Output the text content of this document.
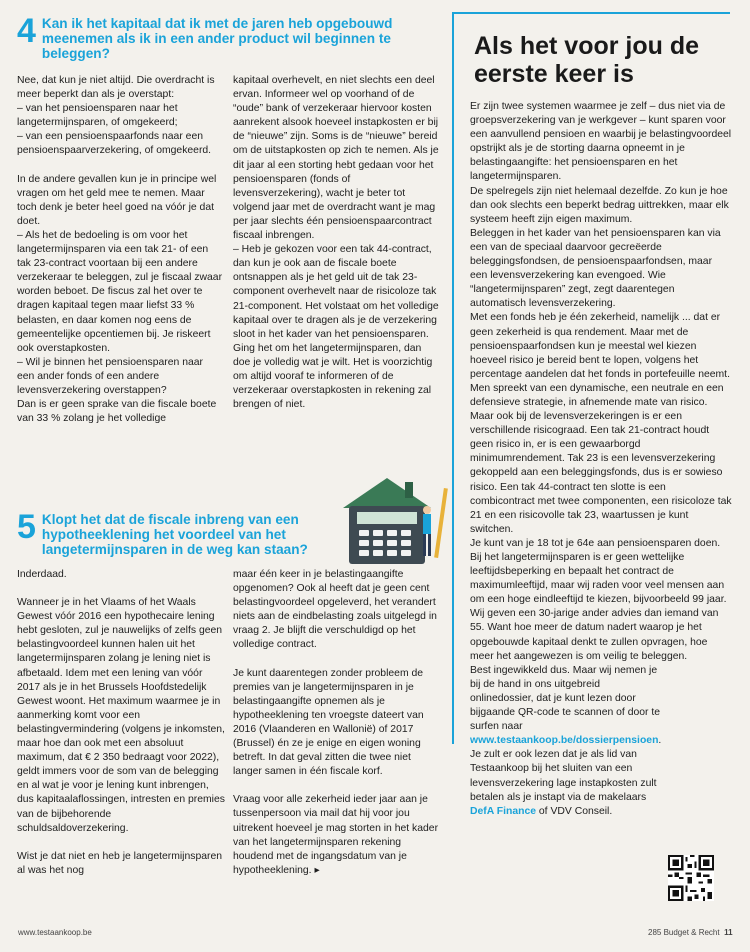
4 Kan ik het kapitaal dat ik met de jaren heb opgebouwd meenemen als ik in een ander product wil beginnen te beleggen?

Nee, dat kun je niet altijd. Die overdracht is meer beperkt dan als je overstapt:

– van het pensioensparen naar het langetermijnsparen, of omgekeerd;

– van een pensioenspaarfonds naar een pensioenspaarverzekering, of omgekeerd.

In de andere gevallen kun je in principe wel vragen om het geld mee te nemen. Maar toch denk je beter heel goed na vóór je dat doet.

– Als het de bedoeling is om voor het langetermijnsparen via een tak 21- of een tak 23-contract voortaan bij een andere verzekeraar te beleggen, zul je fiscaal zwaar worden beboet. De fiscus zal het over te dragen kapitaal tegen maar liefst 33 % belasten, en daar komen nog eens de gemeentelijke opcentiemen bij. Je riskeert ook overstapkosten.

– Wil je binnen het pensioensparen naar een ander fonds of een andere levensverzekering overstappen?

Dan is er geen sprake van die fiscale boete van 33 % zolang je het volledige

kapitaal overhevelt, en niet slechts een deel ervan. Informeer wel op voorhand of de “oude” bank of verzekeraar hiervoor kosten aanrekent alsook hoeveel instapkosten er bij de “nieuwe” zijn. Soms is de “nieuwe” bereid om de uitstapkosten op zich te nemen. Als je dit jaar al een storting hebt gedaan voor het pensioensparen (fonds of levensverzekering), wacht je beter tot volgend jaar met de overdracht want je mag per jaar slechts één pensioenspaarcontract fiscaal inbrengen.

– Heb je gekozen voor een tak 44-contract, dan kun je ook aan de fiscale boete ontsnappen als je het geld uit de tak 23-component overhevelt naar de risicoloze tak 21-component. Het volstaat om het volledige kapitaal over te dragen als je de verzekering sloot in het kader van het pensioensparen. Ging het om het langetermijnsparen, dan doe je volledig wat je wilt. Het is voorzichtig om altijd vooraf te informeren of de verzekeraar overstapkosten in rekening zal brengen of niet.

5 Klopt het dat de fiscale inbreng van een hypotheeklening het voordeel van het langetermijnsparen in de weg kan staan?

Inderdaad.

Wanneer je in het Vlaams of het Waals Gewest vóór 2016 een hypothecaire lening hebt gesloten, zul je nauwelijks of zelfs geen belastingvoordeel kunnen halen uit het langetermijnsparen zolang je lening niet is afbetaald. Idem met een lening van vóór 2017 als je in het Brussels Hoofdstedelijk Gewest woont. Het maximum waarmee je in aanmerking komt voor een belastingvermindering (volgens je inkomsten, maar hoe dan ook met een absoluut maximum, dat € 2 350 bedraagt voor 2022), geldt immers voor de som van de belegging en al wat je voor je lening kunt inbrengen, dus kapitaalaflossingen, intresten en premies van de bijbehorende schuldsaldoverzekering.

Wist je dat niet en heb je langetermijnsparen al was het nog

maar één keer in je belastingaangifte opgenomen? Ook al heeft dat je geen cent belastingvoordeel opgeleverd, het verandert niets aan de eindbelasting zoals uitgelegd in vraag 2. Je blijft die verschuldigd op het volledige contract.

Je kunt daarentegen zonder probleem de premies van je langetermijnsparen in je belastingaangifte opnemen als je hypotheeklening ten vroegste dateert van 2016 (Vlaanderen en Wallonië) of 2017 (Brussel) én ze je enige en eigen woning betreft. In dat geval zitten die twee niet langer samen in één fiscale korf.

Vraag voor alle zekerheid ieder jaar aan je tussenpersoon via mail dat hij voor jou uitrekent hoeveel je mag storten in het kader van het langetermijnsparen rekening houdend met de ingangsdatum van je hypotheeklening. ▸

Als het voor jou de eerste keer is

Er zijn twee systemen waarmee je zelf – dus niet via de groepsverzekering van je werkgever – kunt sparen voor een aanvullend pensioen en waarbij je belastingvoordeel opstrijkt als je de storting daarna opneemt in je belastingaangifte: het pensioensparen en het langetermijnsparen.

De spelregels zijn niet helemaal dezelfde. Zo kun je hoe dan ook slechts een beperkt bedrag uittrekken, maar elk systeem heeft zijn eigen maximum.

Beleggen in het kader van het pensioensparen kan via een van de speciaal daarvoor gecreëerde beleggingsfondsen, de pensioenspaarfondsen, maar een levensverzekering kan evengoed. Wie “langetermijnsparen” zegt, zegt daarentegen automatisch levensverzekering.

Met een fonds heb je één zekerheid, namelijk ... dat er geen zekerheid is qua rendement. Maar met de pensioenspaarfondsen kun je meestal wel kiezen hoeveel risico je bereid bent te lopen, volgens het percentage aandelen dat het fonds in portefeuille neemt. Men spreekt van een dynamische, een neutrale en een defensieve strategie, in afnemende mate van risico.

Maar ook bij de levensverzekeringen is er een verschillende risicograad. Een tak 21-contract houdt geen risico in, er is een gewaarborgd minimumrendement. Tak 23 is een levensverzekering gekoppeld aan een beleggingsfonds, dus is er sowieso risico. Een tak 44-contract ten slotte is een combicontract met twee componenten, een risicoloze tak 21 en een risicovolle tak 23, waartussen je kunt switchen.

Je kunt van je 18 tot je 64e aan pensioensparen doen. Bij het langetermijnsparen is er geen wettelijke leeftijdsbeperking en bepaalt het contract de maximumleeftijd, maar wij raden voor veel mensen aan om een hoge eindleeftijd te kiezen, bijvoorbeeld 99 jaar.

Wij geven een 30-jarige ander advies dan iemand van 55. Want hoe meer de datum nadert waarop je het opgebouwde kapitaal denkt te zullen opvragen, hoe meer het aangewezen is om veilig te beleggen.

Best ingewikkeld dus. Maar wij nemen je bij de hand in ons uitgebreid onlinedossier, dat je kunt lezen door bijgaande QR-code te scannen of door te surfen naar www.testaankoop.be/dossierpensioen. Je zult er ook lezen dat je als lid van Testaankoop bij het sluiten van een levensverzekering lage instapkosten zult betalen als je instapt via de makelaars DefA Finance of VDV Conseil.

www.testaankoop.be	285 Budget & Recht 11
